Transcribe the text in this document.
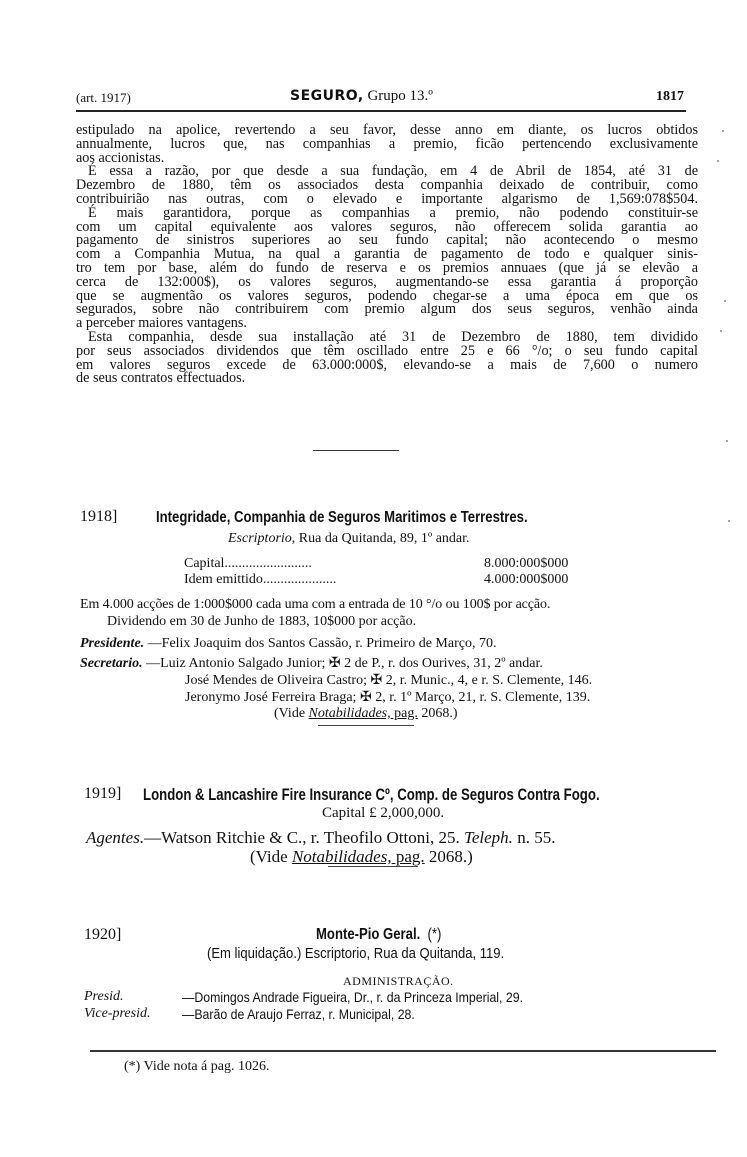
(art. 1917)	SEGURO, Grupo 13.º	1817
estipulado na apolice, revertendo a seu favor, desse anno em diante, os lucros obtidos
annualmente, lucros que, nas companhias a premio, ficão pertencendo exclusivamente
aos accionistas.
É essa a razão, por que desde a sua fundação, em 4 de Abril de 1854, até 31 de
Dezembro de 1880, têm os associados desta companhia deixado de contribuir, como
contribuirião nas outras, com o elevado e importante algarismo de 1,569:078$504.
É mais garantidora, porque as companhias a premio, não podendo constituir-se
com um capital equivalente aos valores seguros, não offerecem solida garantia ao
pagamento de sinistros superiores ao seu fundo capital; não acontecendo o mesmo
com a Companhia Mutua, na qual a garantia de pagamento de todo e qualquer sinis-
tro tem por base, além do fundo de reserva e os premios annuaes (que já se elevão a
cerca de 132:000$), os valores seguros, augmentando-se essa garantia á proporção
que se augmentão os valores seguros, podendo chegar-se a uma época em que os
segurados, sobre não contribuirem com premio algum dos seus seguros, venhão ainda
a perceber maiores vantagens.
Esta companhia, desde sua installação até 31 de Dezembro de 1880, tem dividido
por seus associados dividendos que têm oscillado entre 25 e 66 °/o; o seu fundo capital
em valores seguros excede de 63.000:000$, elevando-se a mais de 7,600 o numero
de seus contratos effectuados.
1918] Integridade, Companhia de Seguros Maritimos e Terrestres.
Escriptorio, Rua da Quitanda, 89, 1º andar.
Capital.........................	8.000:000$000
Idem emittido.....................	4.000:000$000
Em 4.000 acções de 1:000$000 cada uma com a entrada de 10 °/o ou 100$ por acção.
Dividendo em 30 de Junho de 1883, 10$000 por acção.
Presidente. —Felix Joaquim dos Santos Cassão, r. Primeiro de Março, 70.
Secretario. —Luiz Antonio Salgado Junior; ✠ 2 de P., r. dos Ourives, 31, 2º andar.
José Mendes de Oliveira Castro; ✠ 2, r. Munic., 4, e r. S. Clemente, 146.
Jeronymo José Ferreira Braga; ✠ 2, r. 1º Março, 21, r. S. Clemente, 139.
(Vide Notabilidades, pag. 2068.)
1919] London & Lancashire Fire Insurance Cº, Comp. de Seguros Contra Fogo.
Capital £ 2,000,000.
Agentes.—Watson Ritchie & C., r. Theofilo Ottoni, 25. Teleph. n. 55.
(Vide Notabilidades, pag. 2068.)
1920]	Monte-Pio Geral. (*)
(Em liquidação.) Escriptorio, Rua da Quitanda, 119.
ADMINISTRAÇÃO.
Presid.	—Domingos Andrade Figueira, Dr., r. da Princeza Imperial, 29.
Vice-presid. —Barão de Araujo Ferraz, r. Municipal, 28.
(*) Vide nota á pag. 1026.
